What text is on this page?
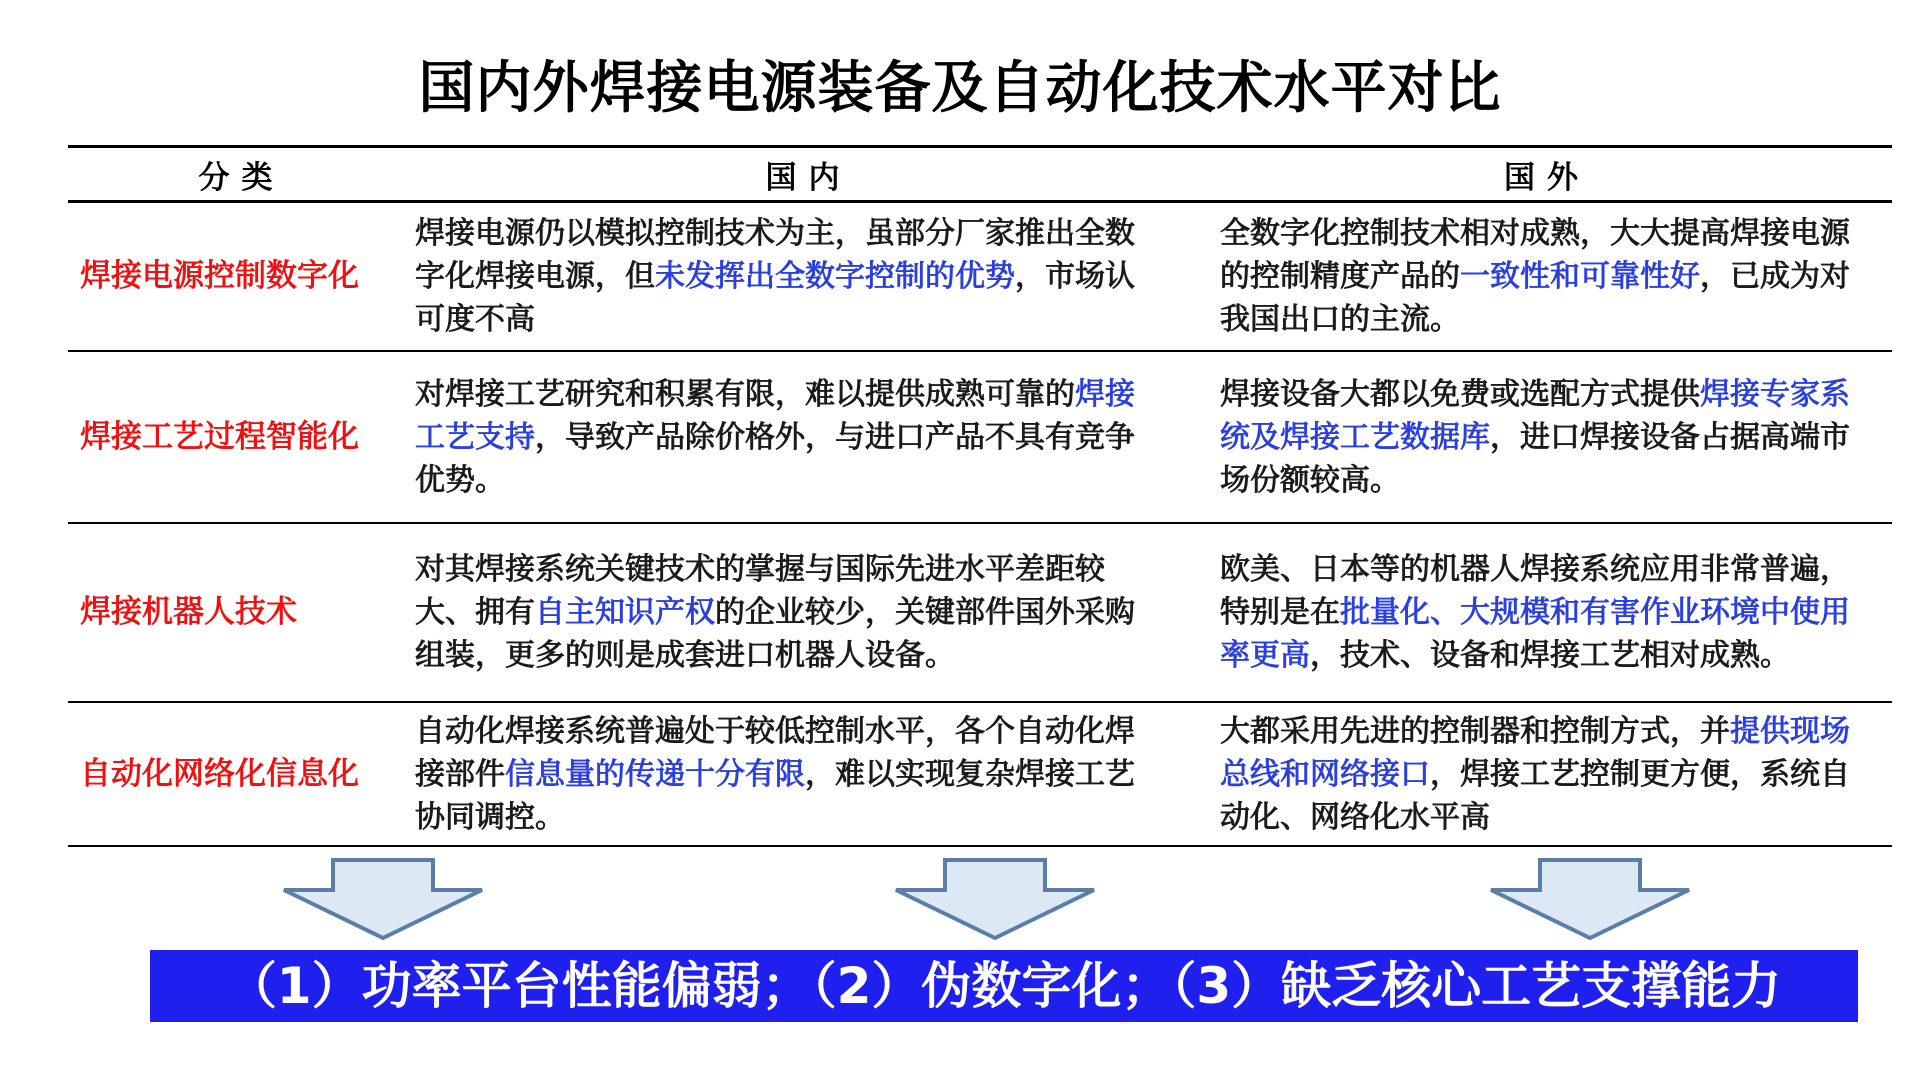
国内外焊接电源装备及自动化技术水平对比
分类	国内	国外
焊接电源控制数字化	焊接电源仍以模拟控制技术为主，虽部分厂家推出全数字化焊接电源，但未发挥出全数字控制的优势，市场认可度不高	全数字化控制技术相对成熟，大大提高焊接电源的控制精度产品的一致性和可靠性好，已成为对我国出口的主流。
焊接工艺过程智能化	对焊接工艺研究和积累有限，难以提供成熟可靠的焊接工艺支持，导致产品除价格外，与进口产品不具有竞争优势。	焊接设备大都以免费或选配方式提供焊接专家系统及焊接工艺数据库，进口焊接设备占据高端市场份额较高。
焊接机器人技术	对其焊接系统关键技术的掌握与国际先进水平差距较大、拥有自主知识产权的企业较少，关键部件国外采购组装，更多的则是成套进口机器人设备。	欧美、日本等的机器人焊接系统应用非常普遍，特别是在批量化、大规模和有害作业环境中使用率更高，技术、设备和焊接工艺相对成熟。
自动化网络化信息化	自动化焊接系统普遍处于较低控制水平，各个自动化焊接部件信息量的传递十分有限，难以实现复杂焊接工艺协同调控。	大都采用先进的控制器和控制方式，并提供现场总线和网络接口，焊接工艺控制更方便，系统自动化、网络化水平高
（1）功率平台性能偏弱；（2）伪数字化；（3）缺乏核心工艺支撑能力
